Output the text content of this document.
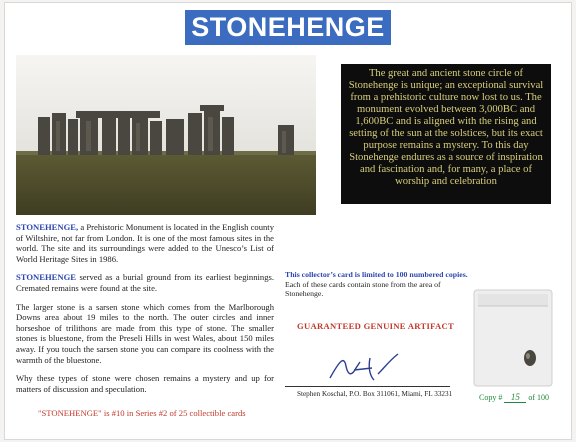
STONEHENGE
The great and ancient stone circle of Stonehenge is unique; an exceptional survival from a prehistoric culture now lost to us. The monument evolved between 3,000BC and 1,600BC and is aligned with the rising and setting of the sun at the solstices, but its exact purpose remains a mystery. To this day Stonehenge endures as a source of inspiration and fascination and, for many, a place of worship and celebration

STONEHENGE, a Prehistoric Monument is located in the English county of Wiltshire, not far from London. It is one of the most famous sites in the world. The site and its surroundings were added to the Unesco’s List of World Heritage Sites in 1986.

STONEHENGE served as a burial ground from its earliest beginnings. Cremated remains were found at the site.

The larger stone is a sarsen stone which comes from the Marlborough Downs area about 19 miles to the north. The outer circles and inner horseshoe of trilithons are made from this type of stone. The smaller stones is bluestone, from the Preseli Hills in west Wales, about 150 miles away. If you touch the sarsen stone you can compare its coolness with the warmth of the bluestone.

Why these types of stone were chosen remains a mystery and up for matters of discussion and speculation.

"STONEHENGE" is #10 in Series #2 of 25 collectible cards
This collector’s card is limited to 100 numbered copies.
Each of these cards contain stone from the area of Stonehenge.
GUARANTEED GENUINE ARTIFACT
Stephen Koschal, P.O. Box 311061, Miami, FL 33231	Copy # 15 of 100
